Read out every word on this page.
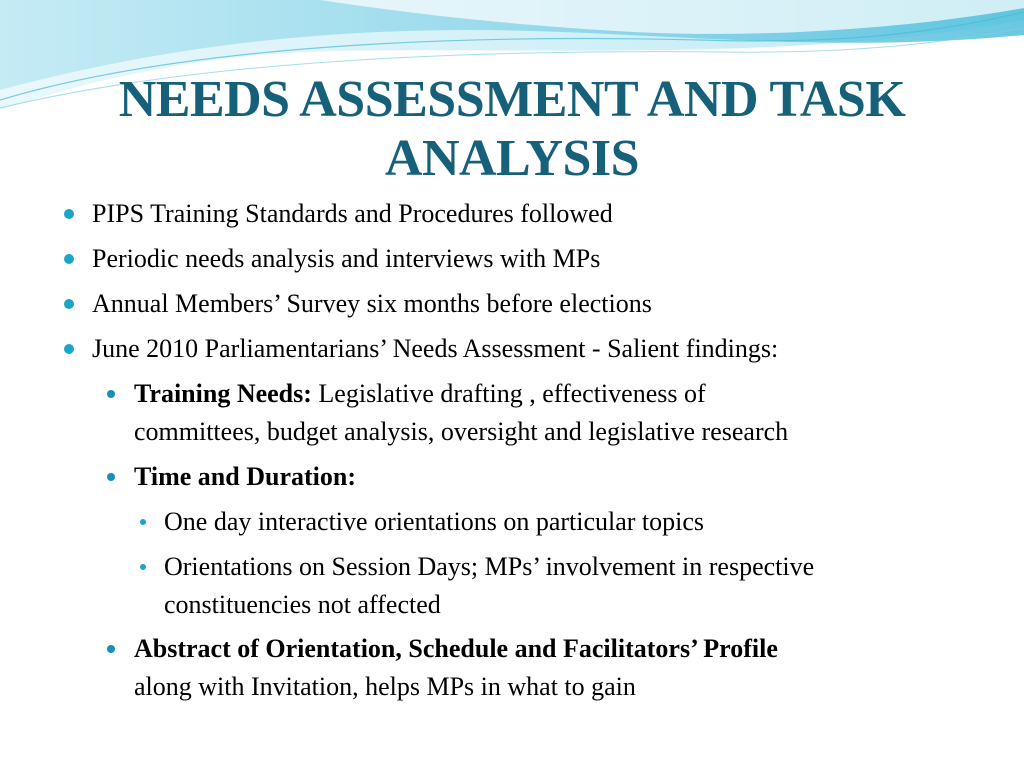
NEEDS ASSESSMENT AND TASK
ANALYSIS
PIPS Training Standards and Procedures followed
Periodic needs analysis and interviews with MPs
Annual Members’ Survey six months before elections
June 2010 Parliamentarians’ Needs Assessment - Salient findings:
Training Needs: Legislative drafting , effectiveness of
committees, budget analysis, oversight and legislative research
Time and Duration:
One day interactive orientations on particular topics
Orientations on Session Days; MPs’ involvement in respective
constituencies not affected
Abstract of Orientation, Schedule and Facilitators’ Profile
along with Invitation, helps MPs in what to gain
